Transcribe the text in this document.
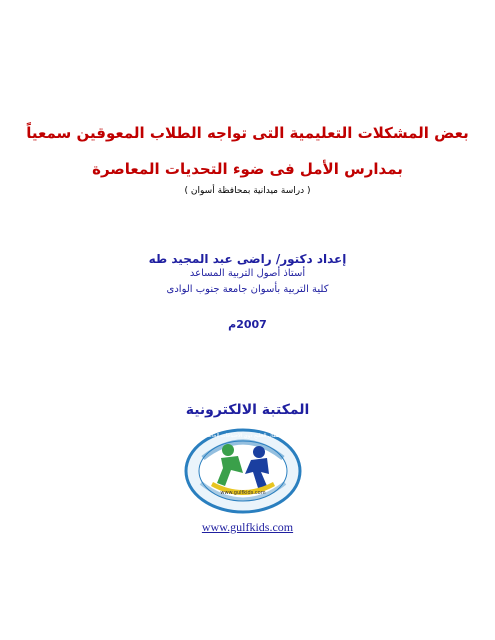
بعض المشكلات التعليمية التى تواجه الطلاب المعوقين سمعياً
بمدارس الأمل فى ضوء التحديات المعاصرة
( دراسة ميدانية بمحافظة أسوان )
إعداد دكتور/ راضى عبد المجيد طه
أستاذ أصول التربية المساعد
كلية التربية بأسوان جامعة جنوب الوادى
2007م
المكتبة الالكترونية
www.gulfkids.com
أطفال الخليج ذوي الاحتياجات الخاصة
www.gulfkids.com
